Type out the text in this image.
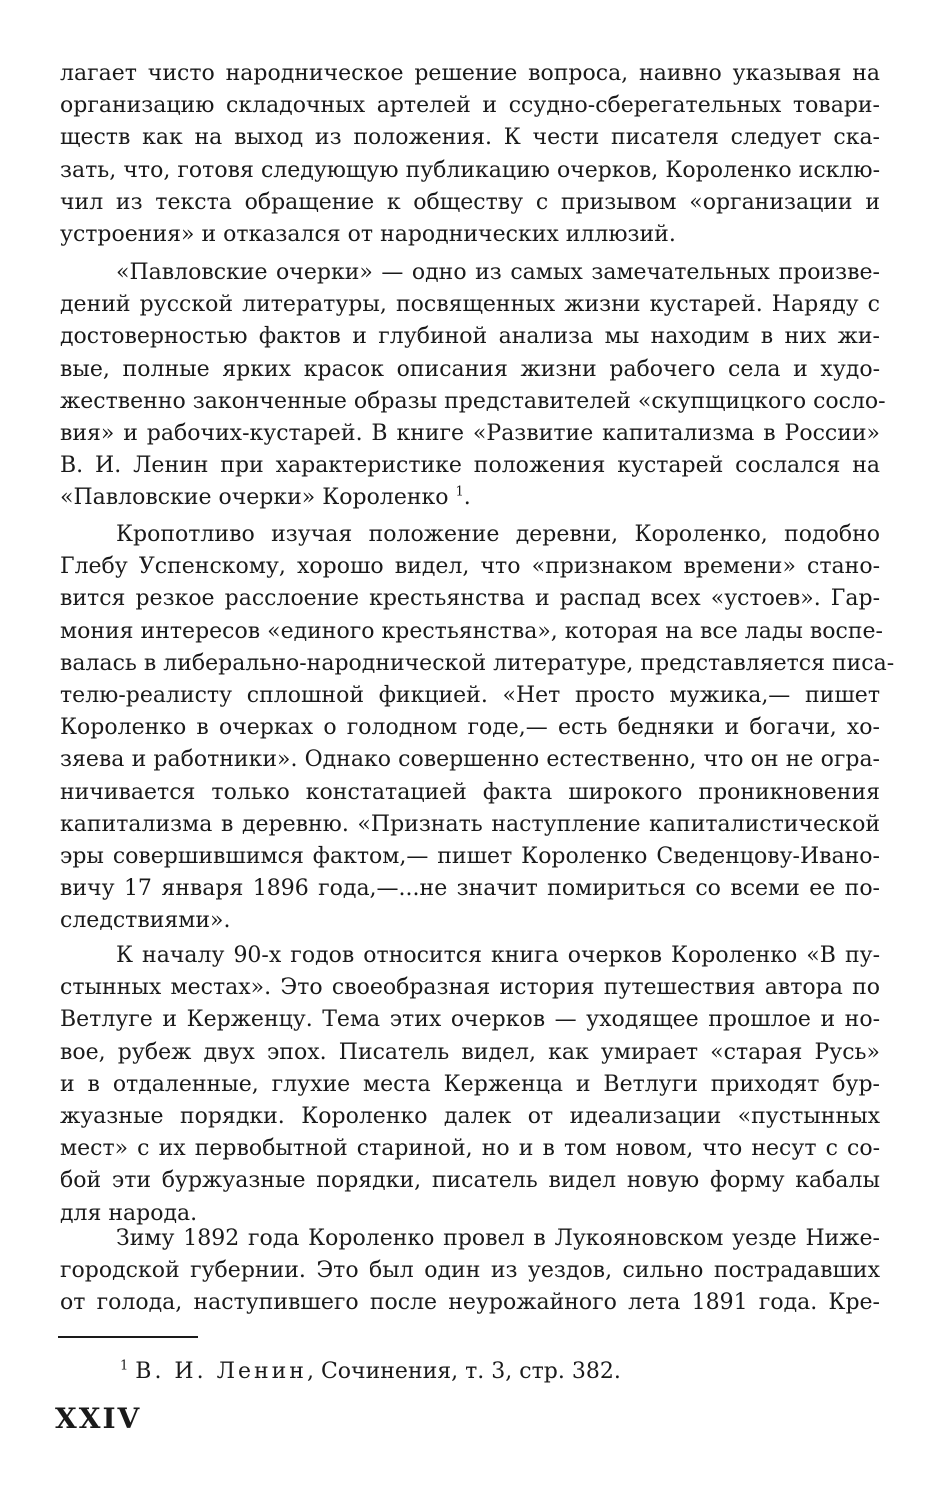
лагает чисто народническое решение вопроса, наивно указывая на
организацию складочных артелей и ссудно-сберегательных товари-
ществ как на выход из положения. К чести писателя следует ска-
зать, что, готовя следующую публикацию очерков, Короленко исклю-
чил из текста обращение к обществу с призывом «организации и
устроения» и отказался от народнических иллюзий.
«Павловские очерки» — одно из самых замечательных произве-
дений русской литературы, посвященных жизни кустарей. Наряду с
достоверностью фактов и глубиной анализа мы находим в них жи-
вые, полные ярких красок описания жизни рабочего села и худо-
жественно законченные образы представителей «скупщицкого сосло-
вия» и рабочих-кустарей. В книге «Развитие капитализма в России»
В. И. Ленин при характеристике положения кустарей сослался на
«Павловские очерки» Короленко $^1$.
Кропотливо изучая положение деревни, Короленко, подобно
Глебу Успенскому, хорошо видел, что «признаком времени» стано-
вится резкое расслоение крестьянства и распад всех «устоев». Гар-
мония интересов «единого крестьянства», которая на все лады воспе-
валась в либерально-народнической литературе, представляется писа-
телю-реалисту сплошной фикцией. «Нет просто мужика,— пишет
Короленко в очерках о голодном годе,— есть бедняки и богачи, хо-
зяева и работники». Однако совершенно естественно, что он не огра-
ничивается только констатацией факта широкого проникновения
капитализма в деревню. «Признать наступление капиталистической
эры совершившимся фактом,— пишет Короленко Сведенцову-Ивано-
вичу 17 января 1896 года,—...не значит помириться со всеми ее по-
следствиями».
К началу 90-х годов относится книга очерков Короленко «В пу-
стынных местах». Это своеобразная история путешествия автора по
Ветлуге и Керженцу. Тема этих очерков — уходящее прошлое и но-
вое, рубеж двух эпох. Писатель видел, как умирает «старая Русь»
и в отдаленные, глухие места Керженца и Ветлуги приходят бур-
жуазные порядки. Короленко далек от идеализации «пустынных
мест» с их первобытной стариной, но и в том новом, что несут с со-
бой эти буржуазные порядки, писатель видел новую форму кабалы
для народа.
Зиму 1892 года Короленко провел в Лукояновском уезде Ниже-
городской губернии. Это был один из уездов, сильно пострадавших
от голода, наступившего после неурожайного лета 1891 года. Кре-
$^1$ В. И. Ленин, Сочинения, т. 3, стр. 382.
XXIV
